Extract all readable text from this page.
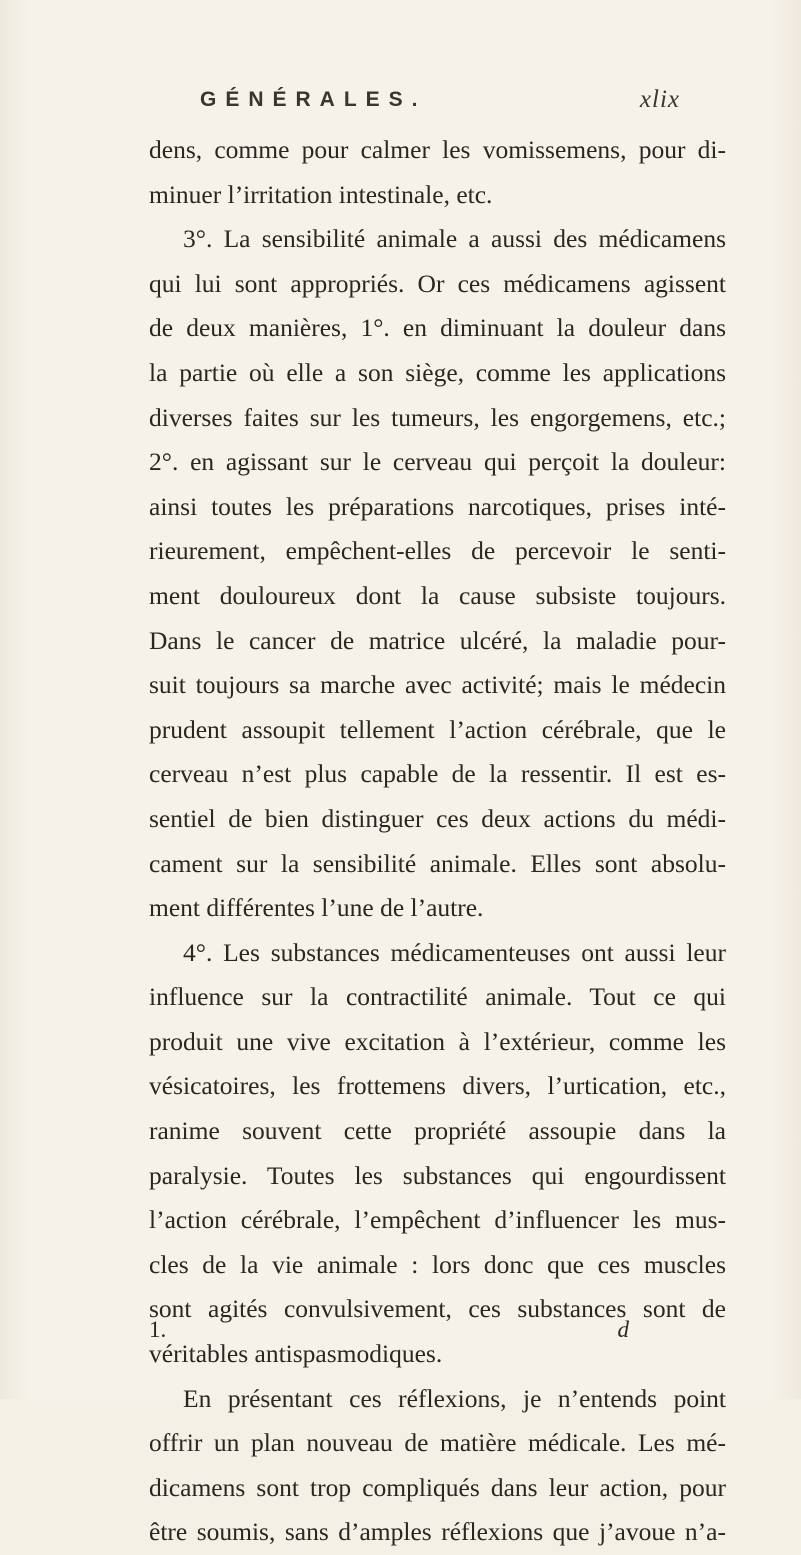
GÉNÉRALES.	xlix
dens, comme pour calmer les vomissemens, pour di-
minuer l’irritation intestinale, etc.
3°. La sensibilité animale a aussi des médicamens
qui lui sont appropriés. Or ces médicamens agissent
de deux manières, 1°. en diminuant la douleur dans
la partie où elle a son siège, comme les applications
diverses faites sur les tumeurs, les engorgemens, etc.;
2°. en agissant sur le cerveau qui perçoit la douleur:
ainsi toutes les préparations narcotiques, prises inté-
rieurement, empêchent-elles de percevoir le senti-
ment douloureux dont la cause subsiste toujours.
Dans le cancer de matrice ulcéré, la maladie pour-
suit toujours sa marche avec activité; mais le médecin
prudent assoupit tellement l’action cérébrale, que le
cerveau n’est plus capable de la ressentir. Il est es-
sentiel de bien distinguer ces deux actions du médi-
cament sur la sensibilité animale. Elles sont absolu-
ment différentes l’une de l’autre.
4°. Les substances médicamenteuses ont aussi leur
influence sur la contractilité animale. Tout ce qui
produit une vive excitation à l’extérieur, comme les
vésicatoires, les frottemens divers, l’urtication, etc.,
ranime souvent cette propriété assoupie dans la
paralysie. Toutes les substances qui engourdissent
l’action cérébrale, l’empêchent d’influencer les mus-
cles de la vie animale : lors donc que ces muscles
sont agités convulsivement, ces substances sont de
véritables antispasmodiques.
En présentant ces réflexions, je n’entends point
offrir un plan nouveau de matière médicale. Les mé-
dicamens sont trop compliqués dans leur action, pour
être soumis, sans d’amples réflexions que j’avoue n’a-
1.	d
